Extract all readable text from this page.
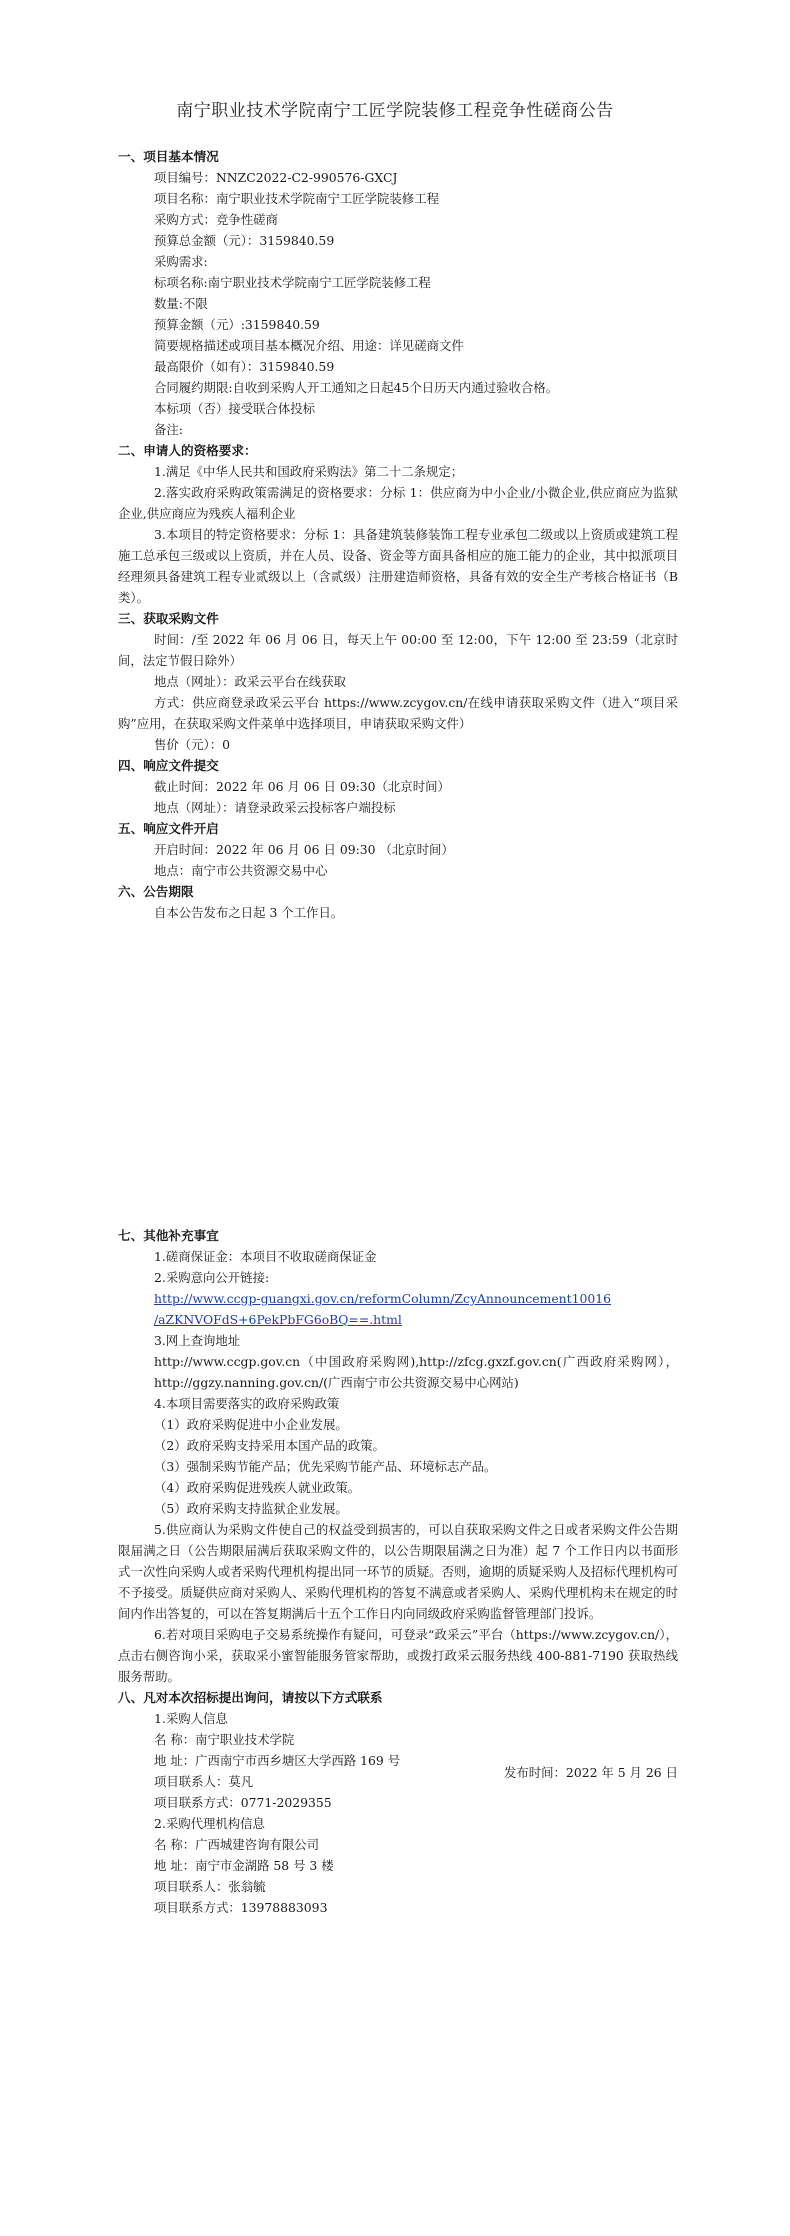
南宁职业技术学院南宁工匠学院装修工程竞争性磋商公告
一、项目基本情况
项目编号：NNZC2022-C2-990576-GXCJ
项目名称：南宁职业技术学院南宁工匠学院装修工程
采购方式：竞争性磋商
预算总金额（元）：3159840.59
采购需求:
标项名称:南宁职业技术学院南宁工匠学院装修工程
数量:不限
预算金额（元）:3159840.59
简要规格描述或项目基本概况介绍、用途：详见磋商文件
最高限价（如有）：3159840.59
合同履约期限:自收到采购人开工通知之日起45个日历天内通过验收合格。
本标项（否）接受联合体投标
备注:
二、申请人的资格要求：
1.满足《中华人民共和国政府采购法》第二十二条规定；
2.落实政府采购政策需满足的资格要求：分标 1：供应商为中小企业/小微企业,供应商应为监狱企业,供应商应为残疾人福利企业
3.本项目的特定资格要求：分标 1：具备建筑装修装饰工程专业承包二级或以上资质或建筑工程施工总承包三级或以上资质，并在人员、设备、资金等方面具备相应的施工能力的企业，其中拟派项目经理须具备建筑工程专业贰级以上（含贰级）注册建造师资格，具备有效的安全生产考核合格证书（B类）。
三、获取采购文件
时间：/至 2022 年 06 月 06 日，每天上午 00:00 至 12:00，下午 12:00 至 23:59（北京时间，法定节假日除外）
地点（网址）：政采云平台在线获取
方式：供应商登录政采云平台 https://www.zcygov.cn/在线申请获取采购文件（进入“项目采购”应用，在获取采购文件菜单中选择项目，申请获取采购文件）
售价（元）：0
四、响应文件提交
截止时间：2022 年 06 月 06 日 09:30（北京时间）
地点（网址）：请登录政采云投标客户端投标
五、响应文件开启
开启时间：2022 年 06 月 06 日 09:30 （北京时间）
地点：南宁市公共资源交易中心
六、公告期限
自本公告发布之日起 3 个工作日。
七、其他补充事宜
1.磋商保证金：本项目不收取磋商保证金
2.采购意向公开链接:
http://www.ccgp-guangxi.gov.cn/reformColumn/ZcyAnnouncement10016
/aZKNVOFdS+6PekPbFG6oBQ==.html
3.网上查询地址
http://www.ccgp.gov.cn（中国政府采购网),http://zfcg.gxzf.gov.cn(广西政府采购网），http://ggzy.nanning.gov.cn/(广西南宁市公共资源交易中心网站)
4.本项目需要落实的政府采购政策
（1）政府采购促进中小企业发展。
（2）政府采购支持采用本国产品的政策。
（3）强制采购节能产品；优先采购节能产品、环境标志产品。
（4）政府采购促进残疾人就业政策。
（5）政府采购支持监狱企业发展。
5.供应商认为采购文件使自己的权益受到损害的，可以自获取采购文件之日或者采购文件公告期限届满之日（公告期限届满后获取采购文件的，以公告期限届满之日为准）起 7 个工作日内以书面形式一次性向采购人或者采购代理机构提出同一环节的质疑。否则，逾期的质疑采购人及招标代理机构可不予接受。质疑供应商对采购人、采购代理机构的答复不满意或者采购人、采购代理机构未在规定的时间内作出答复的，可以在答复期满后十五个工作日内向同级政府采购监督管理部门投诉。
6.若对项目采购电子交易系统操作有疑问，可登录“政采云”平台（https://www.zcygov.cn/），点击右侧咨询小采，获取采小蜜智能服务管家帮助，或拨打政采云服务热线 400-881-7190 获取热线服务帮助。
八、凡对本次招标提出询问，请按以下方式联系
1.采购人信息
名 称：南宁职业技术学院
地 址：广西南宁市西乡塘区大学西路 169 号
项目联系人：莫凡
项目联系方式：0771-2029355
2.采购代理机构信息
名 称：广西城建咨询有限公司
地 址：南宁市金湖路 58 号 3 楼
项目联系人：张翁毓
项目联系方式：13978883093
发布时间：2022 年 5 月 26 日
